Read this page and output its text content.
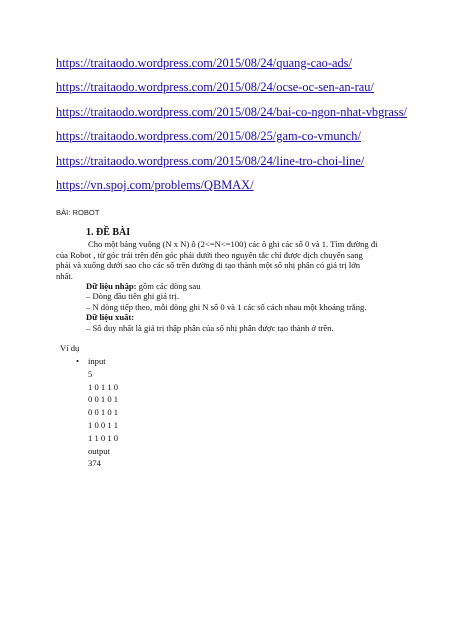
https://traitaodo.wordpress.com/2015/08/24/quang-cao-ads/
https://traitaodo.wordpress.com/2015/08/24/ocse-oc-sen-an-rau/
https://traitaodo.wordpress.com/2015/08/24/bai-co-ngon-nhat-vbgrass/
https://traitaodo.wordpress.com/2015/08/25/gam-co-vmunch/
https://traitaodo.wordpress.com/2015/08/24/line-tro-choi-line/
https://vn.spoj.com/problems/QBMAX/
BÀI: ROBOT
1. ĐỀ BÀI
Cho một bảng vuông (N x N) ô (2<=N<=100) các ô ghi các số 0 và 1. Tìm đường đi
của Robot , từ góc trái trên đến góc phải dưới theo nguyên tắc chỉ được dịch chuyển sang
phải và xuống dưới sao cho các số trên đường đi tạo thành một số nhị phân có giá trị lớn
nhất.
Dữ liệu nhập: gồm các dòng sau
– Dòng đầu tiên ghi giá trị.
– N dòng tiếp theo, mỗi dòng ghi N số 0 và 1 các số cách nhau một khoảng trắng.
Dữ liệu xuất:
– Số duy nhất là giá trị thập phân của số nhị phân được tạo thành ở trên.
Ví dụ
•	input
5
1 0 1 1 0
0 0 1 0 1
0 0 1 0 1
1 0 0 1 1
1 1 0 1 0
output
374
